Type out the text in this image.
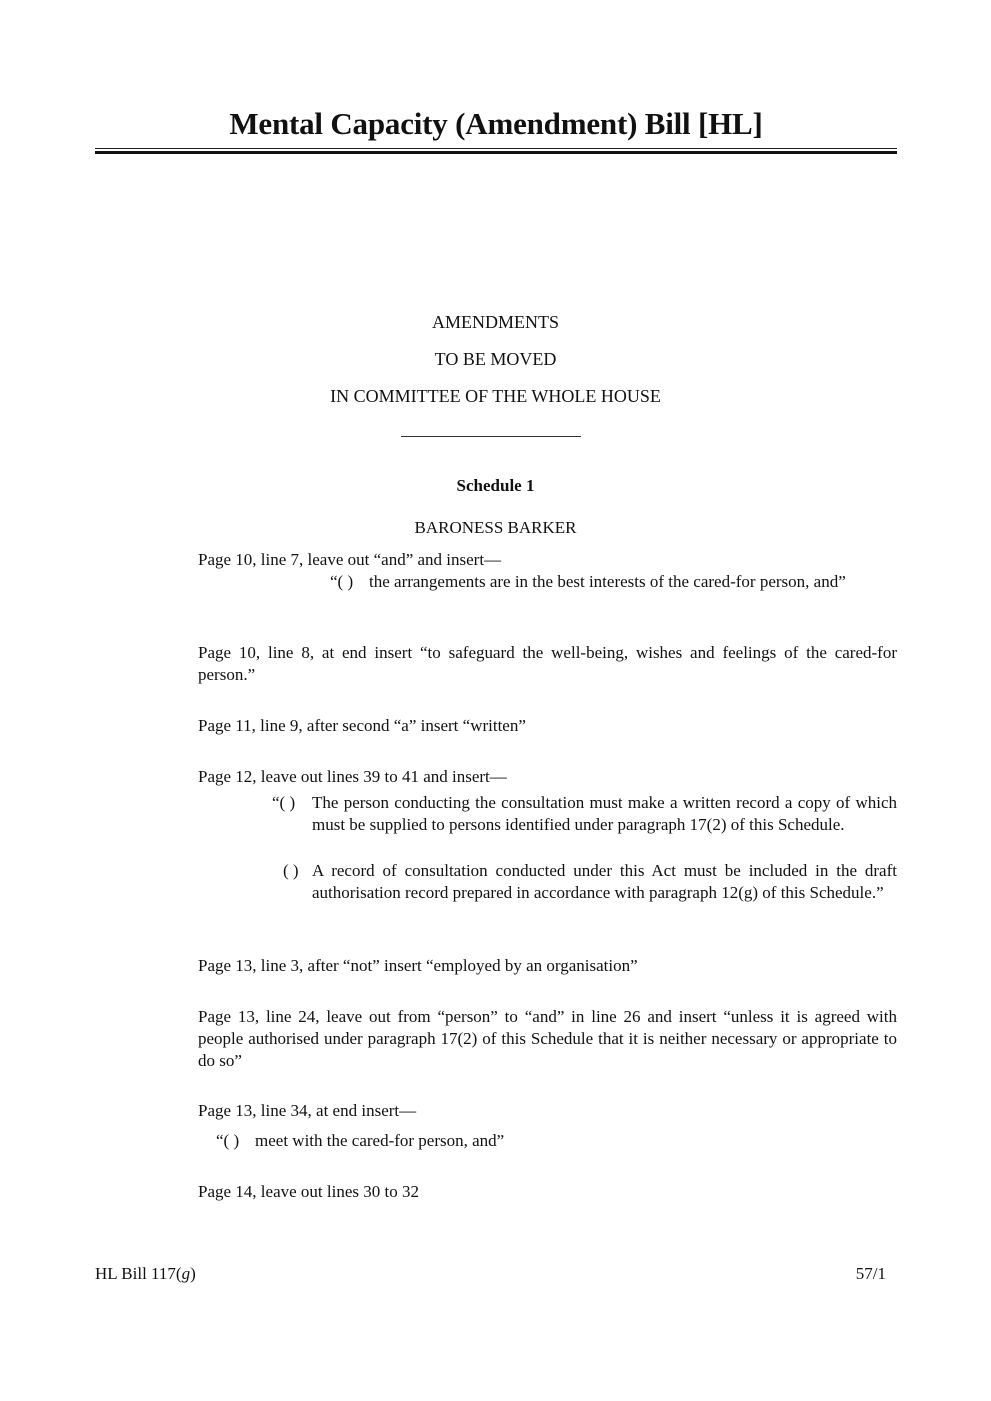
Mental Capacity (Amendment) Bill [HL]
AMENDMENTS
TO BE MOVED
IN COMMITTEE OF THE WHOLE HOUSE
Schedule 1
BARONESS BARKER
Page 10, line 7, leave out “and” and insert—
“( ) the arrangements are in the best interests of the cared-for person, and”
Page 10, line 8, at end insert “to safeguard the well-being, wishes and feelings of the cared-for person.”
Page 11, line 9, after second “a” insert “written”
Page 12, leave out lines 39 to 41 and insert—
“( ) The person conducting the consultation must make a written record a copy of which must be supplied to persons identified under paragraph 17(2) of this Schedule.
( ) A record of consultation conducted under this Act must be included in the draft authorisation record prepared in accordance with paragraph 12(g) of this Schedule.”
Page 13, line 3, after “not” insert “employed by an organisation”
Page 13, line 24, leave out from “person” to “and” in line 26 and insert “unless it is agreed with people authorised under paragraph 17(2) of this Schedule that it is neither necessary or appropriate to do so”
Page 13, line 34, at end insert—
“( ) meet with the cared-for person, and”
Page 14, leave out lines 30 to 32
HL Bill 117(g)	57/1
